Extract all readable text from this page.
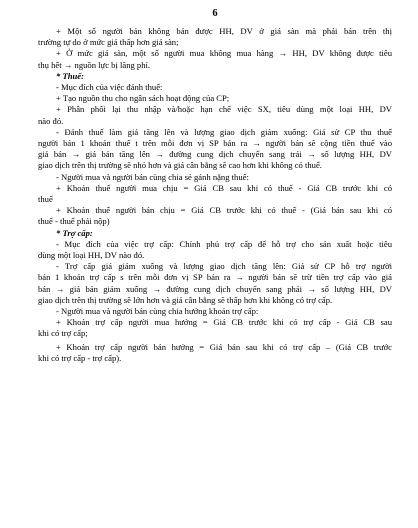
6
+ Một số người bán không bán được HH, DV ở giá sàn mà phải bán trên thị
trường tự do ở mức giá thấp hơn giá sàn;
+ Ở mức giá sàn, một số người mua không mua hàng → HH, DV không được tiêu
thụ hết → nguồn lực bị lãng phí.
* Thuế:
- Mục đích của việc đánh thuế:
+ Tạo nguồn thu cho ngân sách hoạt động của CP;
+ Phân phối lại thu nhập và/hoặc hạn chế việc SX, tiêu dùng một loại HH, DV
nào đó.
- Đánh thuế làm giá tăng lên và lượng giao dịch giảm xuống: Giả sử CP thu thuế
người bán 1 khoản thuế t trên mỗi đơn vị SP bán ra → người bán sẽ cộng tiền thuế vào
giá bán → giá bán tăng lên → đường cung dịch chuyển sang trái → số lượng HH, DV
giao dịch trên thị trường sẽ nhỏ hơn và giá cân bằng sẽ cao hơn khi không có thuế.
- Người mua và người bán cùng chia sẻ gánh nặng thuế:
+ Khoản thuế người mua chịu = Giá CB sau khi có thuế - Giá CB trước khi có
thuế
+ Khoản thuế người bán chịu = Giá CB trước khi có thuế - (Giá bán sau khi có
thuế - thuế phải nộp)
* Trợ cấp:
- Mục đích của việc trợ cấp: Chính phủ trợ cấp để hỗ trợ cho sản xuất hoặc tiêu
dùng một loại HH, DV nào đó.
- Trợ cấp giá giảm xuống và lượng giao dịch tăng lên: Giả sử CP hỗ trợ người
bán 1 khoản trợ cấp s trên mỗi đơn vị SP bán ra → người bán sẽ trừ tiền trợ cấp vào giá
bán → giá bán giảm xuống → đường cung dịch chuyển sang phải → số lượng HH, DV
giao dịch trên thị trường sẽ lớn hơn và giá cân bằng sẽ thấp hơn khi không có trợ cấp.
- Người mua và người bán cùng chia hưởng khoản trợ cấp:
+ Khoản trợ cấp người mua hưởng = Giá CB trước khi có trợ cấp - Giá CB sau
khi có trợ cấp;
+ Khoản trợ cấp người bán hưởng = Giá bán sau khi có trợ cấp – (Giá CB trước
khi có trợ cấp - trợ cấp).
